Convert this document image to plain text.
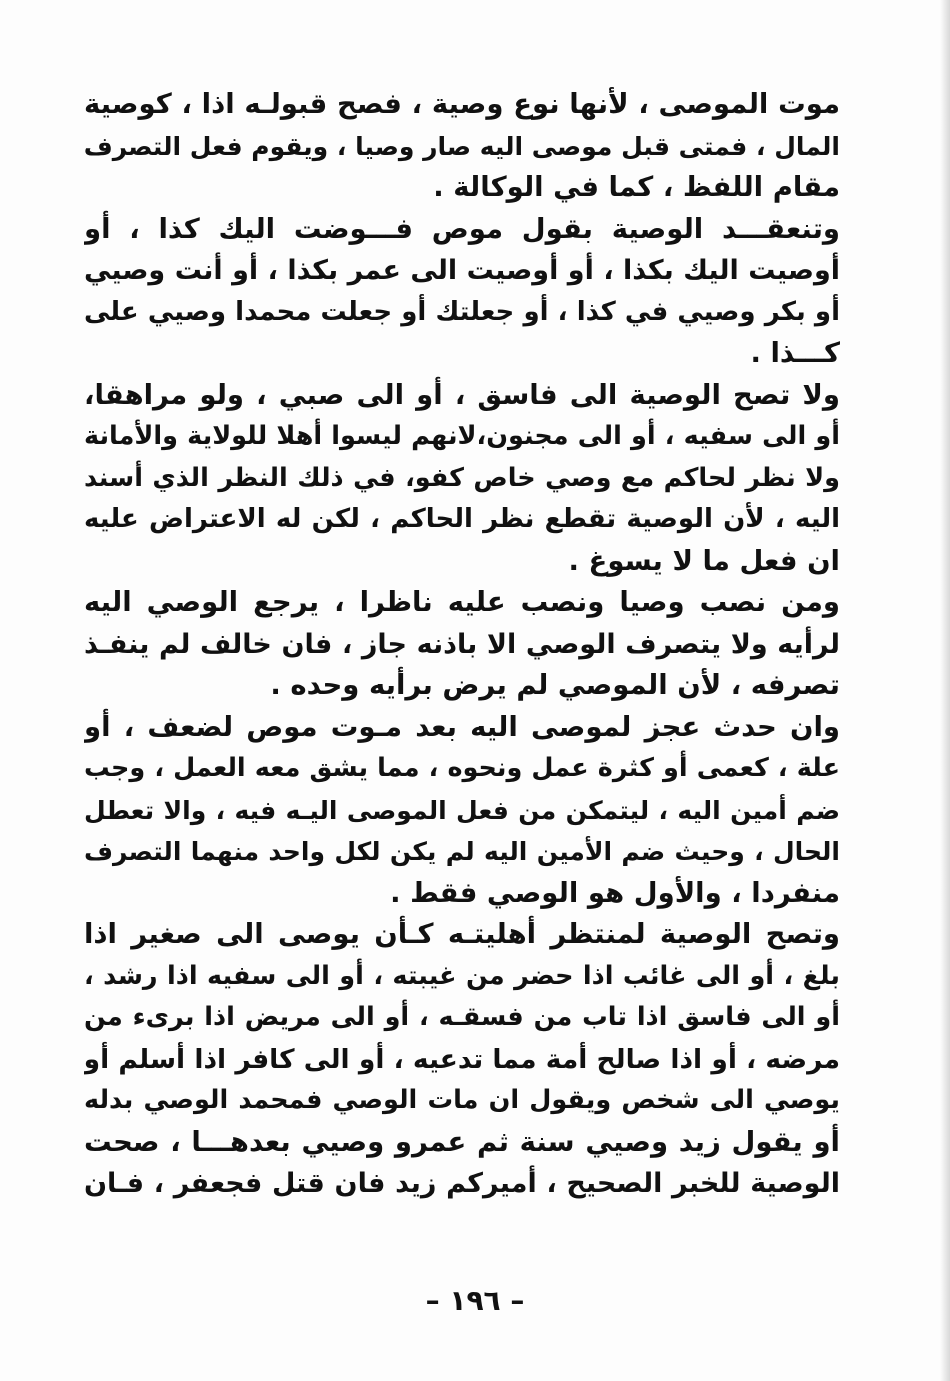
موت الموصى ، لأنها نوع وصية ، فصح قبولـه اذا ، كوصية
المال ، فمتى قبل موصى اليه صار وصيا ، ويقوم فعل التصرف
مقام اللفظ ، كما في الوكالة .
وتنعقـــد الوصية بقول موص فـــوضت اليك كذا ، أو
أوصيت اليك بكذا ، أو أوصيت الى عمر بكذا ، أو أنت وصيي
أو بكر وصيي في كذا ، أو جعلتك أو جعلت محمدا وصيي على
كـــذا .
ولا تصح الوصية الى فاسق ، أو الى صبي ، ولو مراهقا،
أو الى سفيه ، أو الى مجنون،لانهم ليسوا أهلا للولاية والأمانة
ولا نظر لحاكم مع وصي خاص كفو، في ذلك النظر الذي أسند
اليه ، لأن الوصية تقطع نظر الحاكم ، لكن له الاعتراض عليه
ان فعل ما لا يسوغ .
ومن نصب وصيا ونصب عليه ناظرا ، يرجع الوصي اليه
لرأيه ولا يتصرف الوصي الا باذنه جاز ، فان خالف لم ينفـذ
تصرفه ، لأن الموصي لم يرض برأيه وحده .
وان حدث عجز لموصى اليه بعد مـوت موص لضعف ، أو
علة ، كعمى أو كثرة عمل ونحوه ، مما يشق معه العمل ، وجب
ضم أمين اليه ، ليتمكن من فعل الموصى اليـه فيه ، والا تعطل
الحال ، وحيث ضم الأمين اليه لم يكن لكل واحد منهما التصرف
منفردا ، والأول هو الوصي فقط .
وتصح الوصية لمنتظر أهليتـه كـأن يوصى الى صغير اذا
بلغ ، أو الى غائب اذا حضر من غيبته ، أو الى سفيه اذا رشد ،
أو الى فاسق اذا تاب من فسقـه ، أو الى مريض اذا برىء من
مرضه ، أو اذا صالح أمة مما تدعيه ، أو الى كافر اذا أسلم أو
يوصي الى شخص ويقول ان مات الوصي فمحمد الوصي بدله
أو يقول زيد وصيي سنة ثم عمرو وصيي بعدهـــا ، صحت
الوصية للخبر الصحيح ، أميركم زيد فان قتل فجعفر ، فـان
– ١٩٦ –
